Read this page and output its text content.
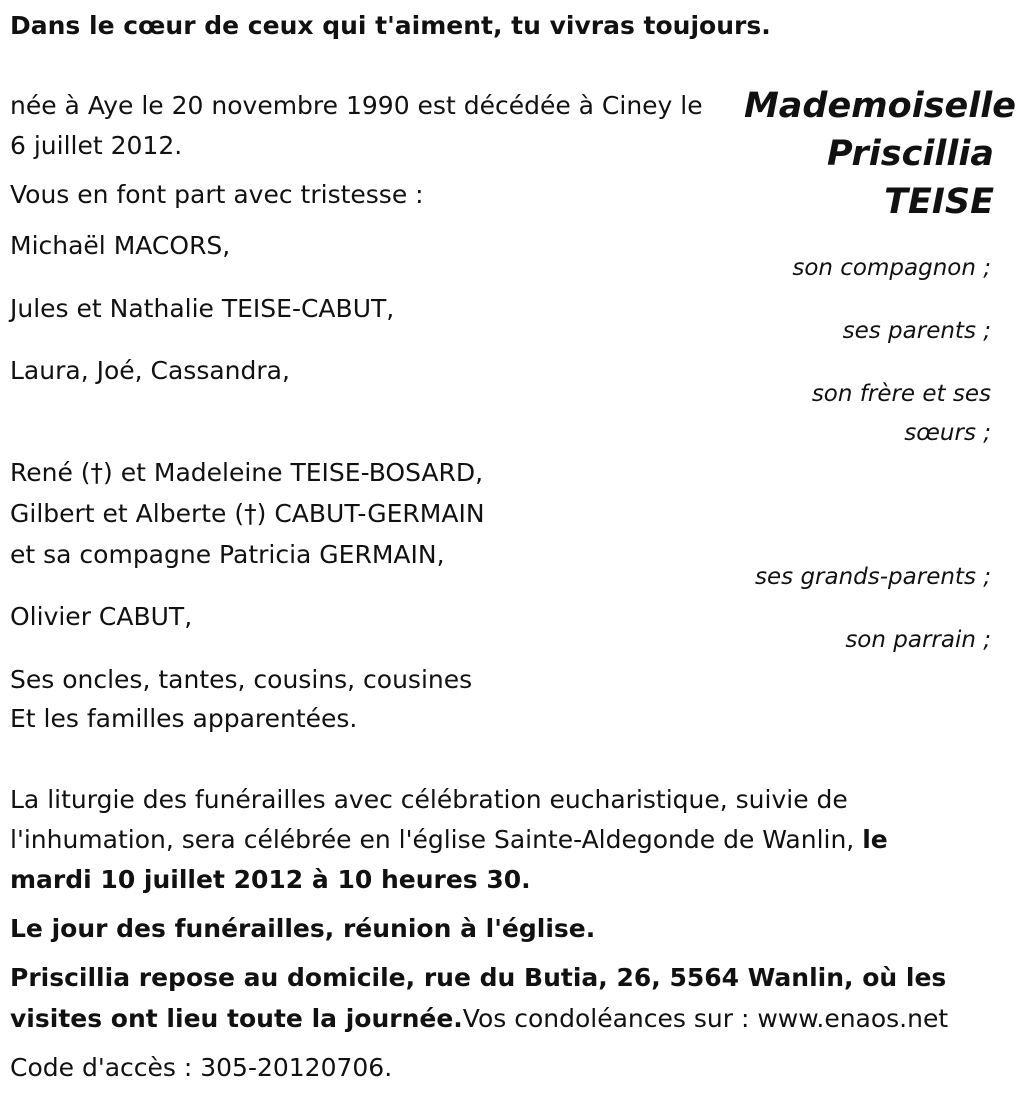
Dans le cœur de ceux qui t'aiment, tu vivras toujours.
Mademoiselle
Priscillia
TEISE
née à Aye le 20 novembre 1990 est décédée à Ciney le
6 juillet 2012.
Vous en font part avec tristesse :
Michaël MACORS,
son compagnon ;
Jules et Nathalie TEISE-CABUT,
ses parents ;
Laura, Joé, Cassandra,
son frère et ses
sœurs ;
René (†) et Madeleine TEISE-BOSARD,
Gilbert et Alberte (†) CABUT-GERMAIN
et sa compagne Patricia GERMAIN,
ses grands-parents ;
Olivier CABUT,
son parrain ;
Ses oncles, tantes, cousins, cousines
Et les familles apparentées.
La liturgie des funérailles avec célébration eucharistique, suivie de
l'inhumation, sera célébrée en l'église Sainte-Aldegonde de Wanlin, le
mardi 10 juillet 2012 à 10 heures 30.
Le jour des funérailles, réunion à l'église.
Priscillia repose au domicile, rue du Butia, 26, 5564 Wanlin, où les
visites ont lieu toute la journée.Vos condoléances sur : www.enaos.net
Code d'accès : 305-20120706.
